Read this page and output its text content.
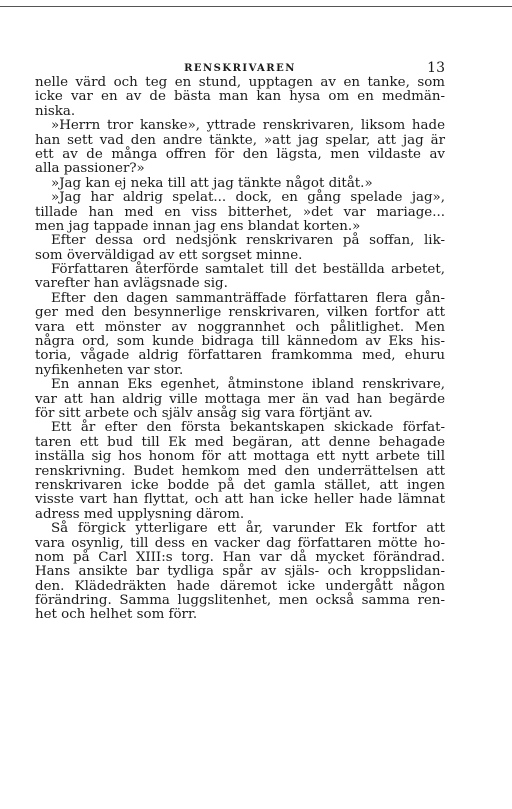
RENSKRIVAREN	13
nelle värd och teg en stund, upptagen av en tanke, som
icke var en av de bästa man kan hysa om en medmän-
niska.
»Herrn tror kanske», yttrade renskrivaren, liksom hade
han sett vad den andre tänkte, »att jag spelar, att jag är
ett av de många offren för den lägsta, men vildaste av
alla passioner?»
»Jag kan ej neka till att jag tänkte något ditåt.»
»Jag har aldrig spelat... dock, en gång spelade jag»,
tillade han med en viss bitterhet, »det var mariage...
men jag tappade innan jag ens blandat korten.»
Efter dessa ord nedsjönk renskrivaren på soffan, lik-
som överväldigad av ett sorgset minne.
Författaren återförde samtalet till det beställda arbetet,
varefter han avlägsnade sig.
Efter den dagen sammanträffade författaren flera gån-
ger med den besynnerlige renskrivaren, vilken fortfor att
vara ett mönster av noggrannhet och pålitlighet. Men
några ord, som kunde bidraga till kännedom av Eks his-
toria, vågade aldrig författaren framkomma med, ehuru
nyfikenheten var stor.
En annan Eks egenhet, åtminstone ibland renskrivare,
var att han aldrig ville mottaga mer än vad han begärde
för sitt arbete och själv ansåg sig vara förtjänt av.
Ett år efter den första bekantskapen skickade förfat-
taren ett bud till Ek med begäran, att denne behagade
inställa sig hos honom för att mottaga ett nytt arbete till
renskrivning. Budet hemkom med den underrättelsen att
renskrivaren icke bodde på det gamla stället, att ingen
visste vart han flyttat, och att han icke heller hade lämnat
adress med upplysning därom.
Så förgick ytterligare ett år, varunder Ek fortfor att
vara osynlig, till dess en vacker dag författaren mötte ho-
nom på Carl XIII:s torg. Han var då mycket förändrad.
Hans ansikte bar tydliga spår av själs- och kroppslidan-
den. Klädedräkten hade däremot icke undergått någon
förändring. Samma luggslitenhet, men också samma ren-
het och helhet som förr.
